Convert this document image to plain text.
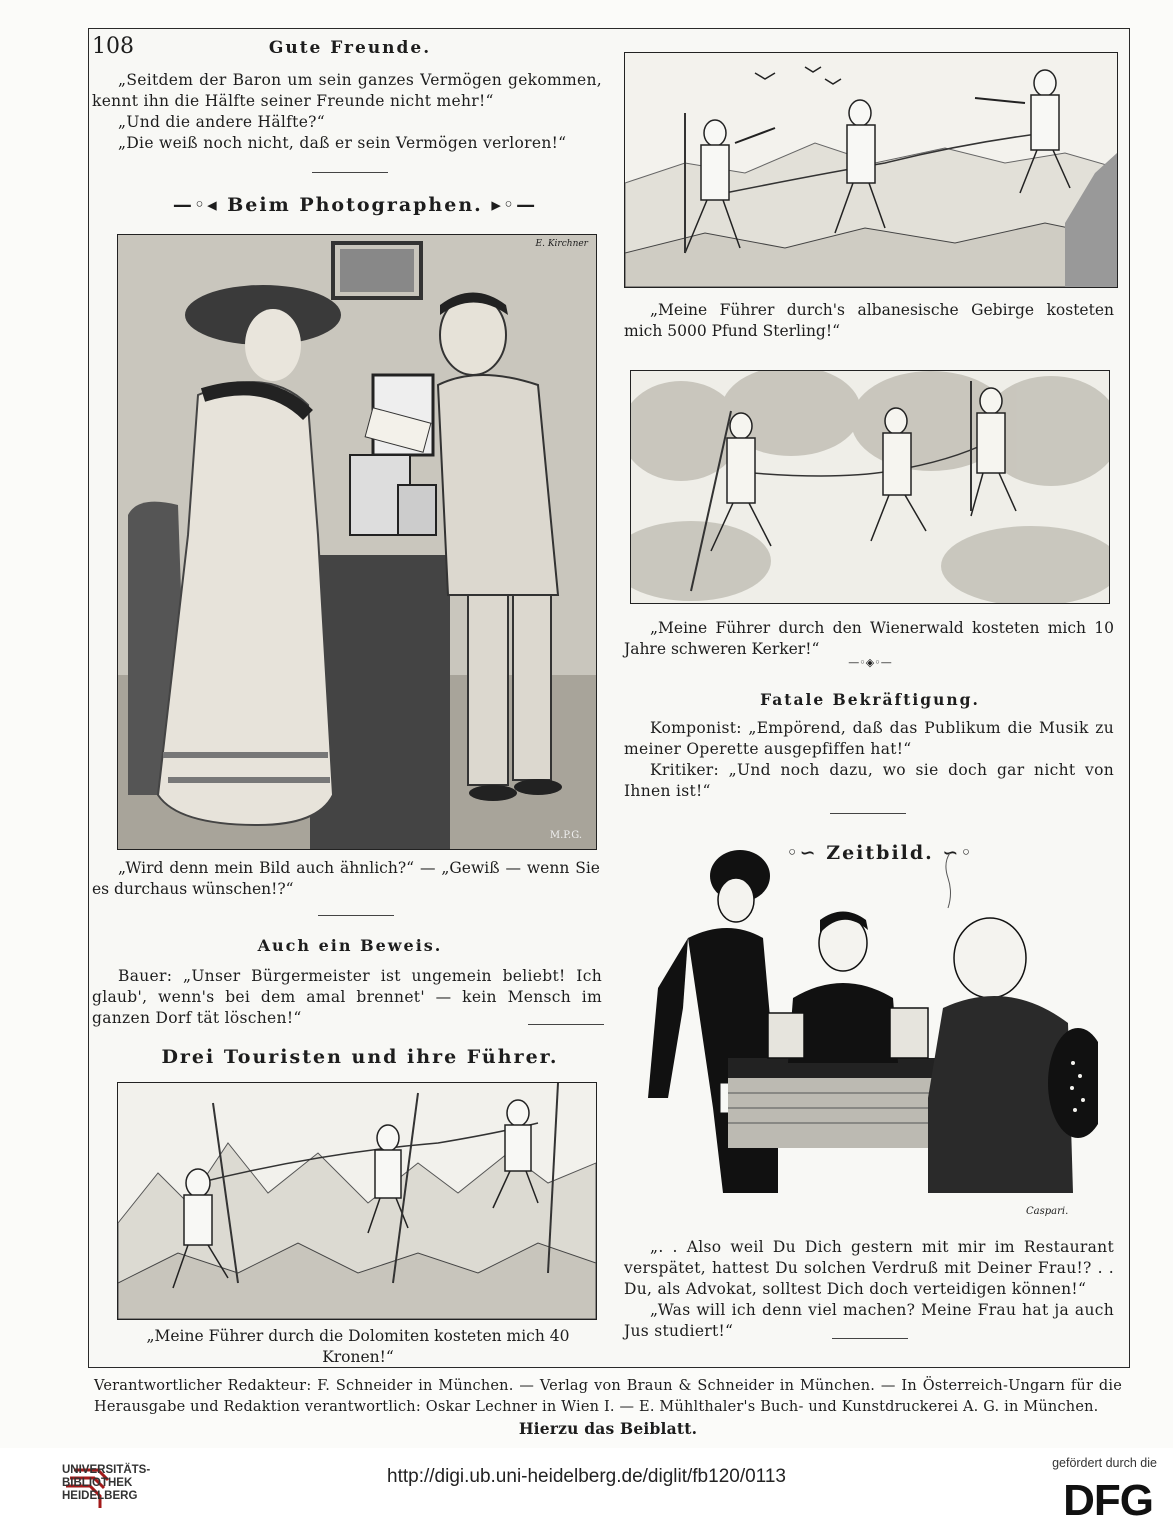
108	Gute Freunde.

„Seitdem der Baron um sein ganzes Vermögen gekommen, kennt ihn die Hälfte seiner Freunde nicht mehr!“

„Und die andere Hälfte?“

„Die weiß noch nicht, daß er sein Vermögen verloren!“

—◦◂ Beim Photographen. ▸◦—
E. Kirchner
M.P.G.

„Wird denn mein Bild auch ähnlich?“ — „Gewiß — wenn Sie es durchaus wünschen!?“

Auch ein Beweis.

Bauer: „Unser Bürgermeister ist ungemein beliebt! Ich glaub', wenn's bei dem amal brennet' — kein Mensch im ganzen Dorf tät löschen!“

Drei Touristen und ihre Führer.

„Meine Führer durch die Dolomiten kosteten mich 40 Kronen!“

„Meine Führer durch's albanesische Gebirge kosteten mich 5000 Pfund Sterling!“

„Meine Führer durch den Wienerwald kosteten mich 10 Jahre schweren Kerker!“

—◦◈◦—
Fatale Bekräftigung.

Komponist: „Empörend, daß das Publikum die Musik zu meiner Operette ausgepfiffen hat!“

Kritiker: „Und noch dazu, wo sie doch gar nicht von Ihnen ist!“

◦∽ Zeitbild. ∽◦
Caspari.

„. . Also weil Du Dich gestern mit mir im Restaurant verspätet, hattest Du solchen Verdruß mit Deiner Frau!? . . Du, als Advokat, solltest Dich doch verteidigen können!“

„Was will ich denn viel machen? Meine Frau hat ja auch Jus studiert!“

Verantwortlicher Redakteur: F. Schneider in München. — Verlag von Braun & Schneider in München. — In Österreich-Ungarn für die Herausgabe und Redaktion verantwortlich: Oskar Lechner in Wien I. — E. Mühlthaler's Buch- und Kunstdruckerei A. G. in München.

Hierzu das Beiblatt.

UNIVERSITÄTS-
BIBLIOTHEK
HEIDELBERG
http://digi.ub.uni-heidelberg.de/diglit/fb120/0113
gefördert durch die
DFG
